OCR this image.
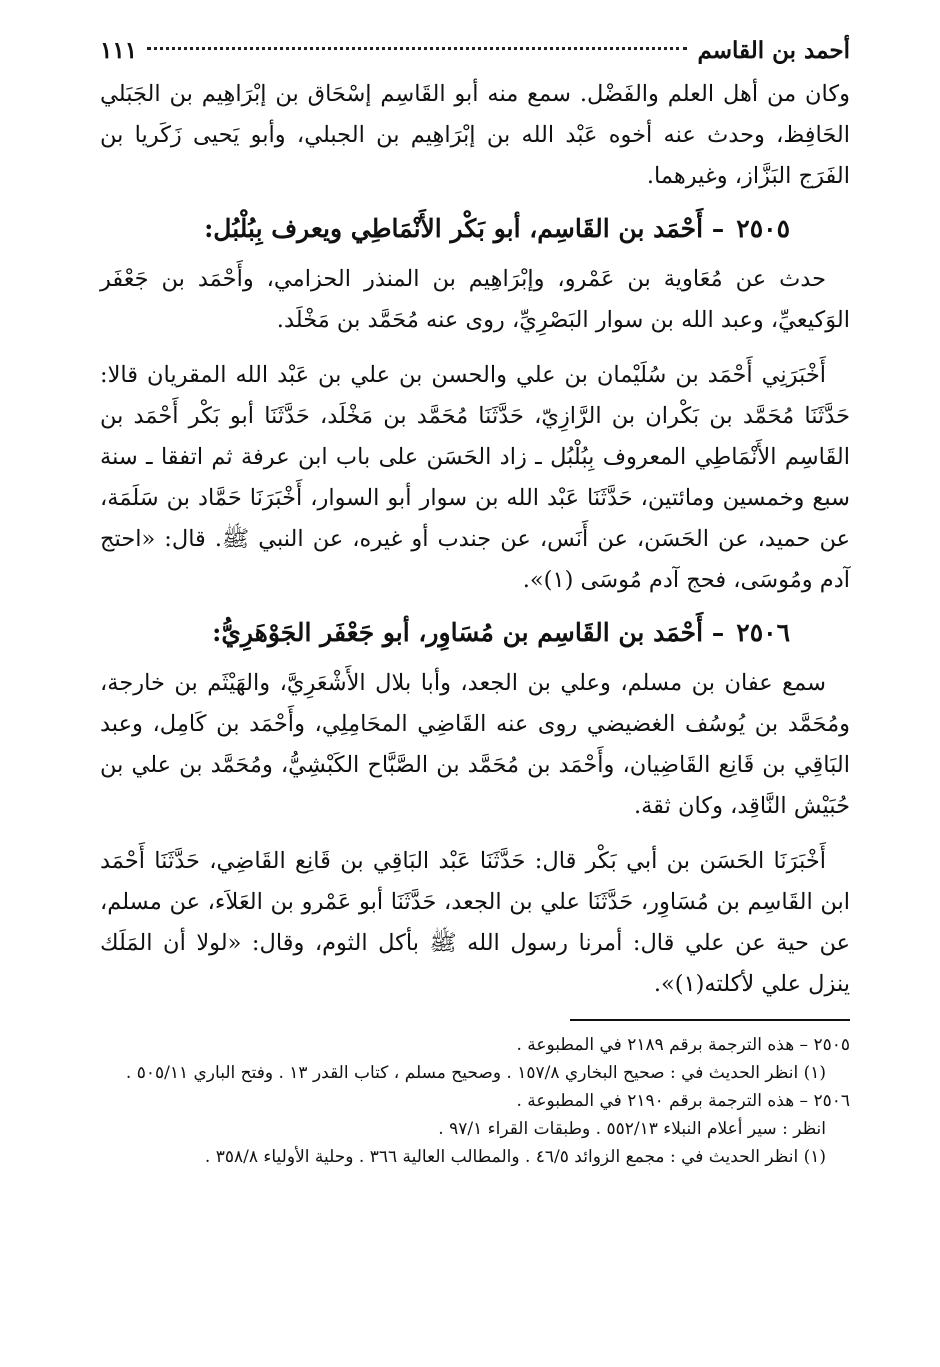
أحمد بن القاسم
١١١

وكان من أهل العلم والفَضْل. سمع منه أبو القَاسِم إسْحَاق بن إبْرَاهِيم بن الجَبَلي الحَافِظ، وحدث عنه أخوه عَبْد الله بن إبْرَاهِيم بن الجبلي، وأبو يَحيى زَكَريا بن الفَرَج البَزَّاز، وغيرهما.

٢٥٠٥– أَحْمَد بن القَاسِم، أبو بَكْر الأَنْمَاطِي ويعرف بِبُلْبُل:

حدث عن مُعَاوية بن عَمْرو، وإبْرَاهِيم بن المنذر الحزامي، وأَحْمَد بن جَعْفَر الوَكيعيِّ، وعبد الله بن سوار البَصْرِيِّ، روى عنه مُحَمَّد بن مَخْلَد.

أَخْبَرَنِي أَحْمَد بن سُلَيْمان بن علي والحسن بن علي بن عَبْد الله المقريان قالا: حَدَّثَنَا مُحَمَّد بن بَكْران بن الرَّازِيّ، حَدَّثَنَا مُحَمَّد بن مَخْلَد، حَدَّثَنَا أبو بَكْر أَحْمَد بن القَاسِم الأَنْمَاطِي المعروف بِبُلْبُل ـ زاد الحَسَن على باب ابن عرفة ثم اتفقا ـ سنة سبع وخمسين ومائتين، حَدَّثَنَا عَبْد الله بن سوار أبو السوار، أَخْبَرَنَا حَمَّاد بن سَلَمَة، عن حميد، عن الحَسَن، عن أَنَس، عن جندب أو غيره، عن النبي ﷺ. قال: «احتج آدم ومُوسَى، فحج آدم مُوسَى (١)».

٢٥٠٦– أَحْمَد بن القَاسِم بن مُسَاوِر، أبو جَعْفَر الجَوْهَرِيُّ:

سمع عفان بن مسلم، وعلي بن الجعد، وأبا بلال الأَشْعَرِيَّ، والهَيْثَم بن خارجة، ومُحَمَّد بن يُوسُف الغضيضي روى عنه القَاضِي المحَامِلِي، وأَحْمَد بن كَامِل، وعبد البَاقِي بن قَانِع القَاضِيان، وأَحْمَد بن مُحَمَّد بن الصَّبَّاح الكَبْشِيُّ، ومُحَمَّد بن علي بن حُبَيْش النَّاقِد، وكان ثقة.

أَخْبَرَنَا الحَسَن بن أبي بَكْر قال: حَدَّثَنَا عَبْد البَاقِي بن قَانِع القَاضِي، حَدَّثَنَا أَحْمَد ابن القَاسِم بن مُسَاوِر، حَدَّثَنَا علي بن الجعد، حَدَّثَنَا أبو عَمْرو بن العَلاَء، عن مسلم، عن حية عن علي قال: أمرنا رسول الله ﷺ بأكل الثوم، وقال: «لولا أن المَلَك ينزل علي لأكلته(١)».

٢٥٠٥ – هذه الترجمة برقم ٢١٨٩ في المطبوعة .

(١) انظر الحديث في : صحيح البخاري ١٥٧/٨ . وصحيح مسلم ، كتاب القدر ١٣ . وفتح الباري ٥٠٥/١١ .

٢٥٠٦ – هذه الترجمة برقم ٢١٩٠ في المطبوعة .

انظر : سير أعلام النبلاء ٥٥٢/١٣ . وطبقات القراء ٩٧/١ .

(١) انظر الحديث في : مجمع الزوائد ٤٦/٥ . والمطالب العالية ٣٦٦ . وحلية الأولياء ٣٥٨/٨ .
